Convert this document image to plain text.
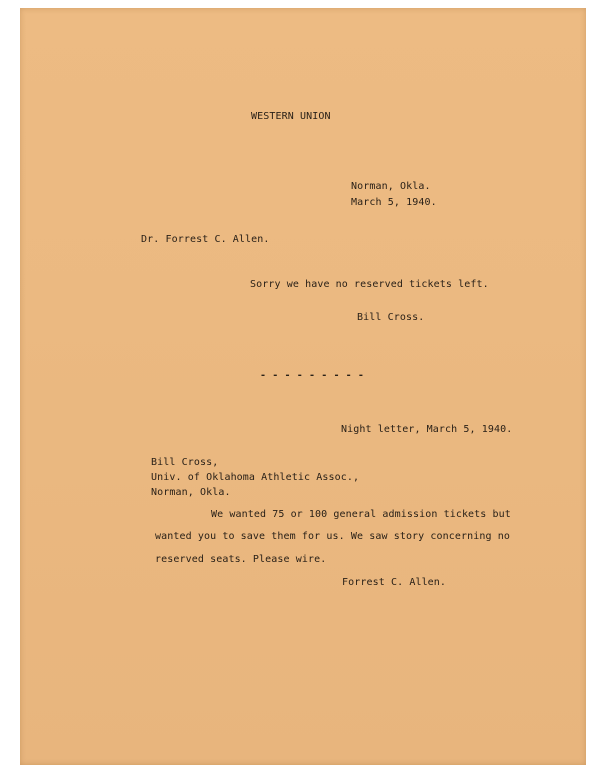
WESTERN UNION
Norman, Okla.
March 5, 1940.
Dr. Forrest C. Allen.
Sorry we have no reserved tickets left.
Bill Cross.
- - - - - - - - -
Night letter, March 5, 1940.
Bill Cross,
Univ. of Oklahoma Athletic Assoc.,
Norman, Okla.
We wanted 75 or 100 general admission tickets but
wanted you to save them for us. We saw story concerning no
reserved seats. Please wire.
Forrest C. Allen.
